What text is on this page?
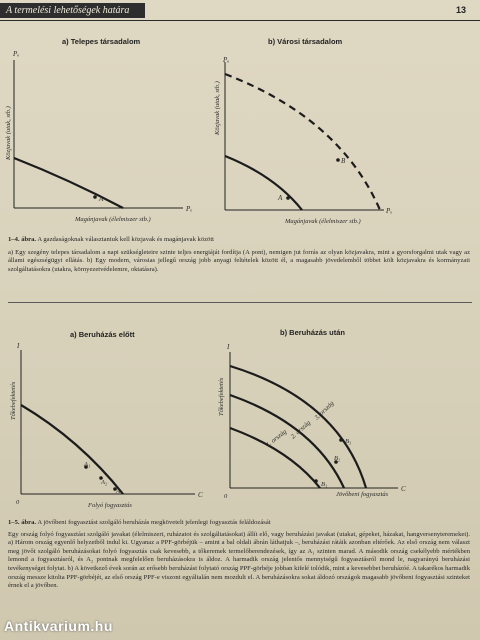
A termelési lehetőségek határa	13
a) Telepes társadalom
A
Pₒ
Pₓ
Közjavak (utak, stb.)
Magánjavak (élelmiszer stb.)
b) Városi társadalom
A
B
Pₒ
Pₓ
Közjavak (utak, stb.)
Magánjavak (élelmiszer stb.)
1–4. ábra. A gazdaságoknak választaniuk kell közjavak és magánjavak között
a) Egy szegény telepes társadalom a napi szükségleteire szinte teljes energiáját fordítja (A pont), nemigen jut forrás az olyan közjavakra, mint a gyorsforgalmi utak vagy az állami egészségügyi ellátás. b) Egy modern, városias jellegű ország jobb anyagi feltételek között él, a magasabb jövedelemből többet költ közjavakra és kormányzati szolgáltatásokra (utakra, környezetvédelemre, oktatásra).
a) Beruházás előtt
A₁
A₂
A₃
I
C
0
Tőkebefektetés
Folyó fogyasztás
b) Beruházás után
1. ország 2. ország
3. ország
B₁
B₂
B₃
I
C
0
Tőkebefektetés
Jövőbeni fogyasztás
1–5. ábra. A jövőbeni fogyasztást szolgáló beruházás megkövetelt jelenlegi fogyasztás feláldozását
Egy ország folyó fogyasztást szolgáló javakat (élelmiszert, ruházatot és szolgáltatásokat) állít elő, vagy beruházási javakat (utakat, gépeket, házakat, hangversenyteremeket). a) Három ország egyenlő helyzetből indul ki. Ugyanaz a PPF-görbéjük – amint a bal oldali ábrán láthatjuk –, beruházási rátáik azonban eltérőek. Az első ország nem választ meg jövőt szolgáló beruházásokat folyó fogyasztás csak kevesebb, a tőkeremek termelőberendezések, így az A₁ szinten marad. A második ország csekélyebb mértékben lemond a fogyasztásról, és A₂ pontnak megfelelően beruházásokra is áldoz. A harmadik ország jelentős mennyiségű fogyasztásról mond le, nagyarányú beruházási tevékenységet folytat. b) A következő évek során az erősebb beruházást folytató ország PPF-görbéje jobban kifelé tolódik, mint a kevesebbet beruházóé. A takarékos harmadik ország messze kitolta PPF-görbéjét, az első ország PPF-e viszont egyáltalán nem mozdult el. A beruházásokra sokat áldozó országok magasabb jövőbeni fogyasztási szinteket érnek el a jövőben.
Antikvarium.hu
